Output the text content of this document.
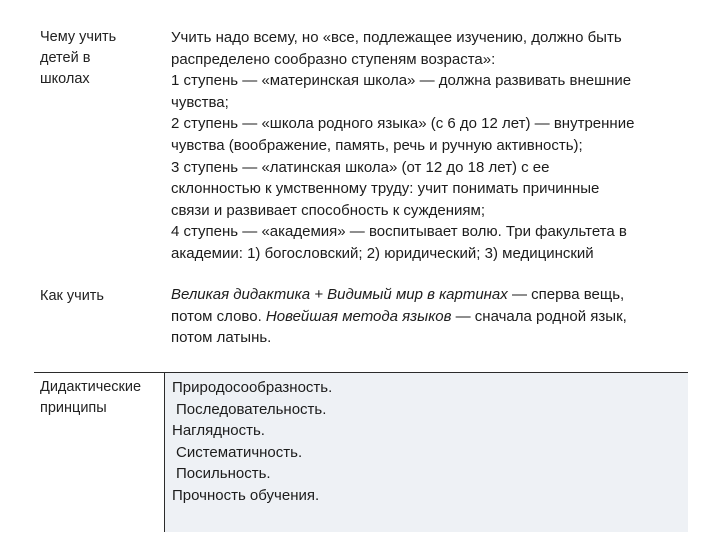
Чему учить
детей в
школах
Учить надо всему, но «все, подлежащее изучению, должно быть
распределено сообразно ступеням возраста»:
1 ступень — «материнская школа» — должна развивать внешние
чувства;
2 ступень — «школа родного языка» (с 6 до 12 лет) — внутренние
чувства (воображение, память, речь и ручную активность);
3 ступень — «латинская школа» (от 12 до 18 лет) с ее
склонностью к умственному труду: учит понимать причинные
связи и развивает способность к суждениям;
4 ступень — «академия» — воспитывает волю. Три факультета в
академии: 1) богословский; 2) юридический; 3) медицинский
Как учить	Великая дидактика + Видимый мир в картинах — сперва вещь,
потом слово. Новейшая метода языков — сначала родной язык,
потом латынь.
Дидактические
принципы
Природосообразность.
Последовательность.
Наглядность.
Систематичность.
Посильность.
Прочность обучения.
